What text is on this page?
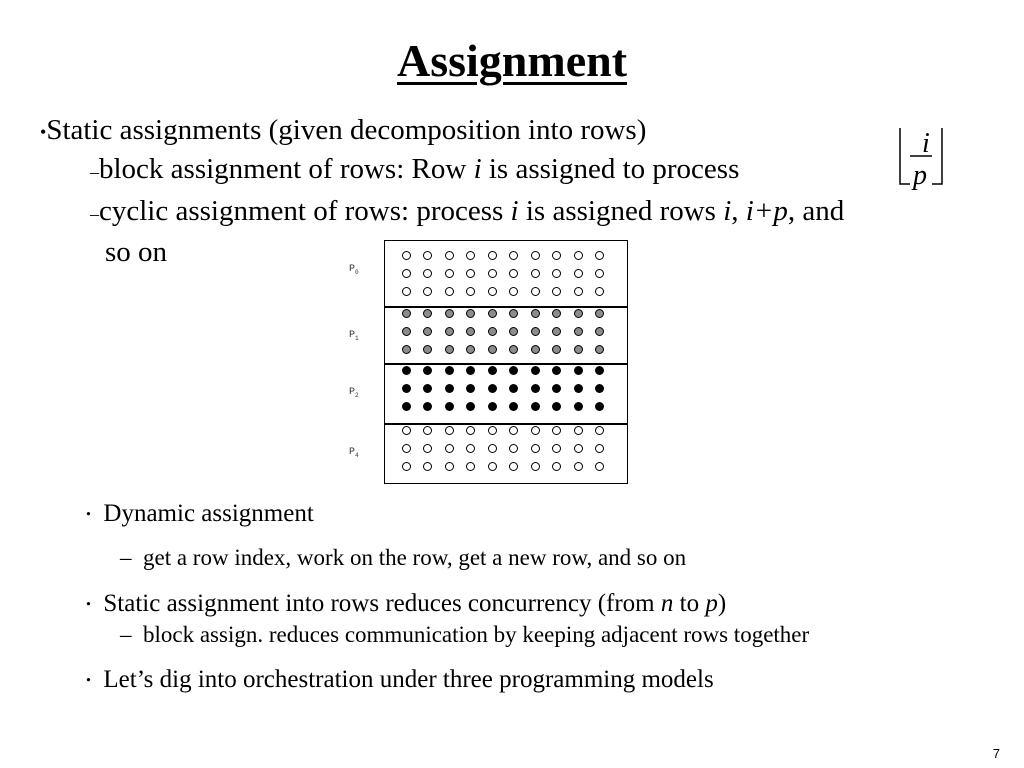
Assignment
•Static assignments (given decomposition into rows)
–block assignment of rows: Row i is assigned to process
i
p
–cyclic assignment of rows: process i is assigned rows i, i+p, and
so on
$P_0$
$P_1$
$P_2$
$P_4$
• Dynamic assignment
– get a row index, work on the row, get a new row, and so on
• Static assignment into rows reduces concurrency (from n to p)
– block assign. reduces communication by keeping adjacent rows together
• Let’s dig into orchestration under three programming models
7
